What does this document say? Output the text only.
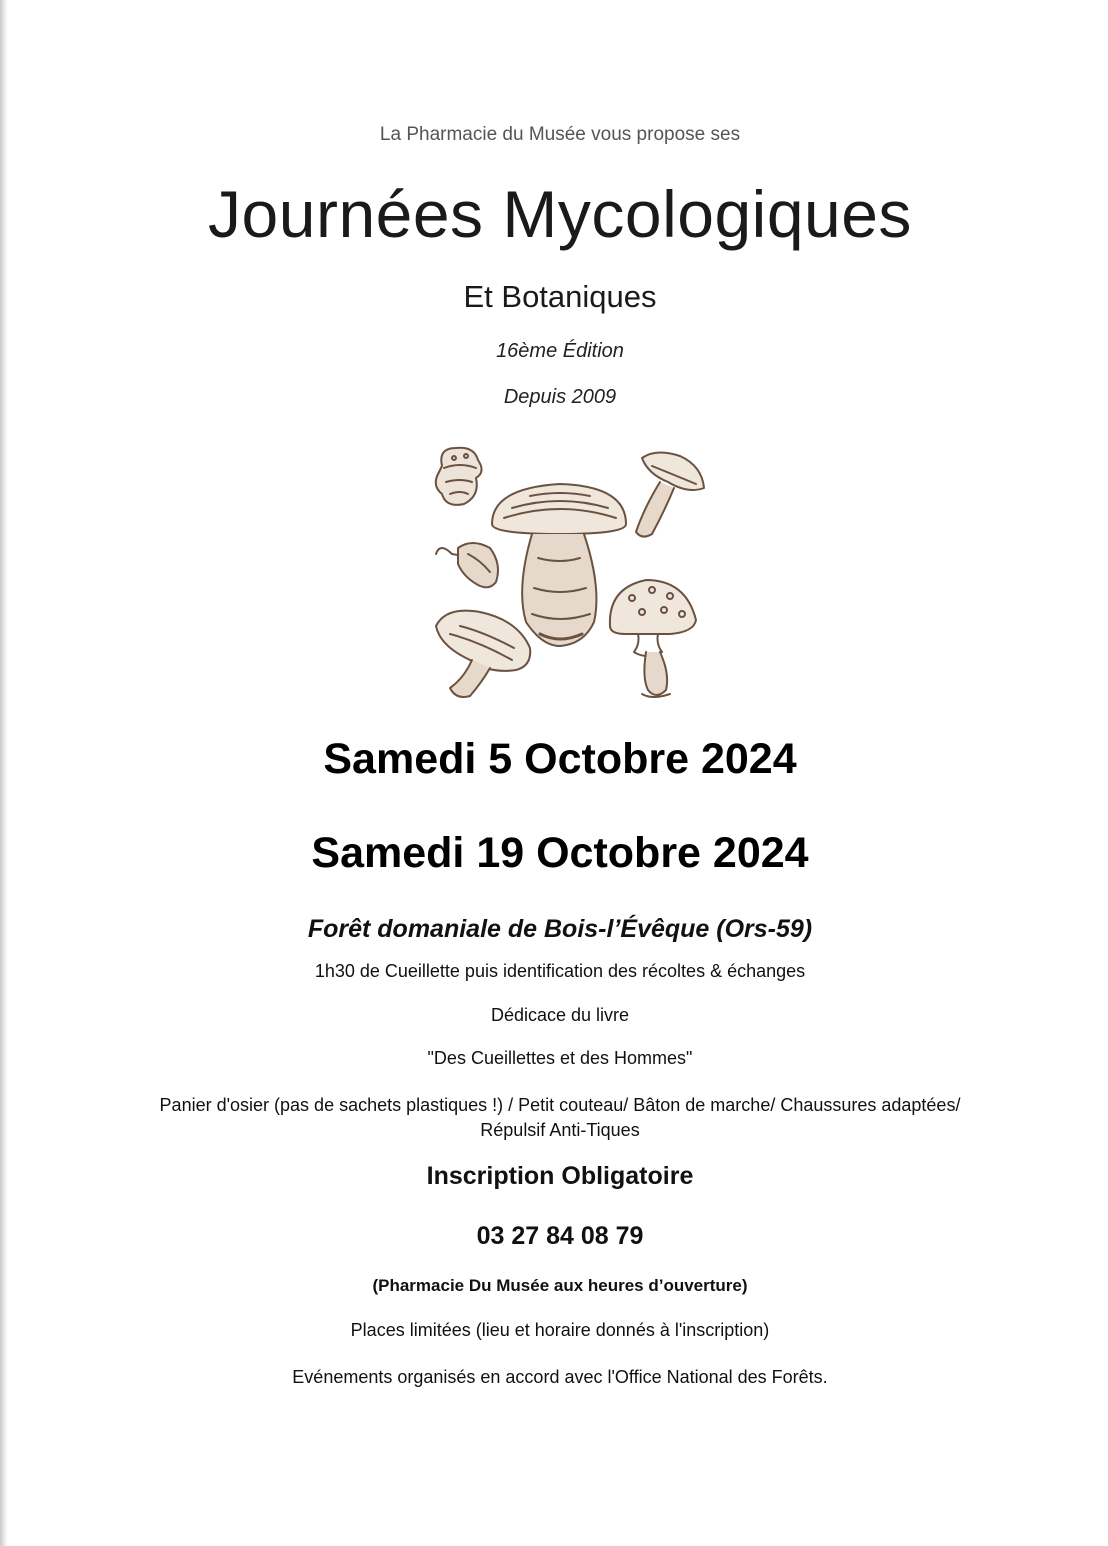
La Pharmacie du Musée vous propose ses
Journées Mycologiques
Et Botaniques
16ème Édition
Depuis 2009
Samedi 5 Octobre 2024
Samedi 19 Octobre 2024
Forêt domaniale de Bois-l’Évêque (Ors-59)
1h30 de Cueillette puis identification des récoltes & échanges
Dédicace du livre
"Des Cueillettes et des Hommes"
Panier d'osier (pas de sachets plastiques !) / Petit couteau/ Bâton de marche/ Chaussures adaptées/
Répulsif Anti-Tiques
Inscription Obligatoire
03 27 84 08 79
(Pharmacie Du Musée aux heures d’ouverture)
Places limitées (lieu et horaire donnés à l'inscription)
Evénements organisés en accord avec l'Office National des Forêts.
